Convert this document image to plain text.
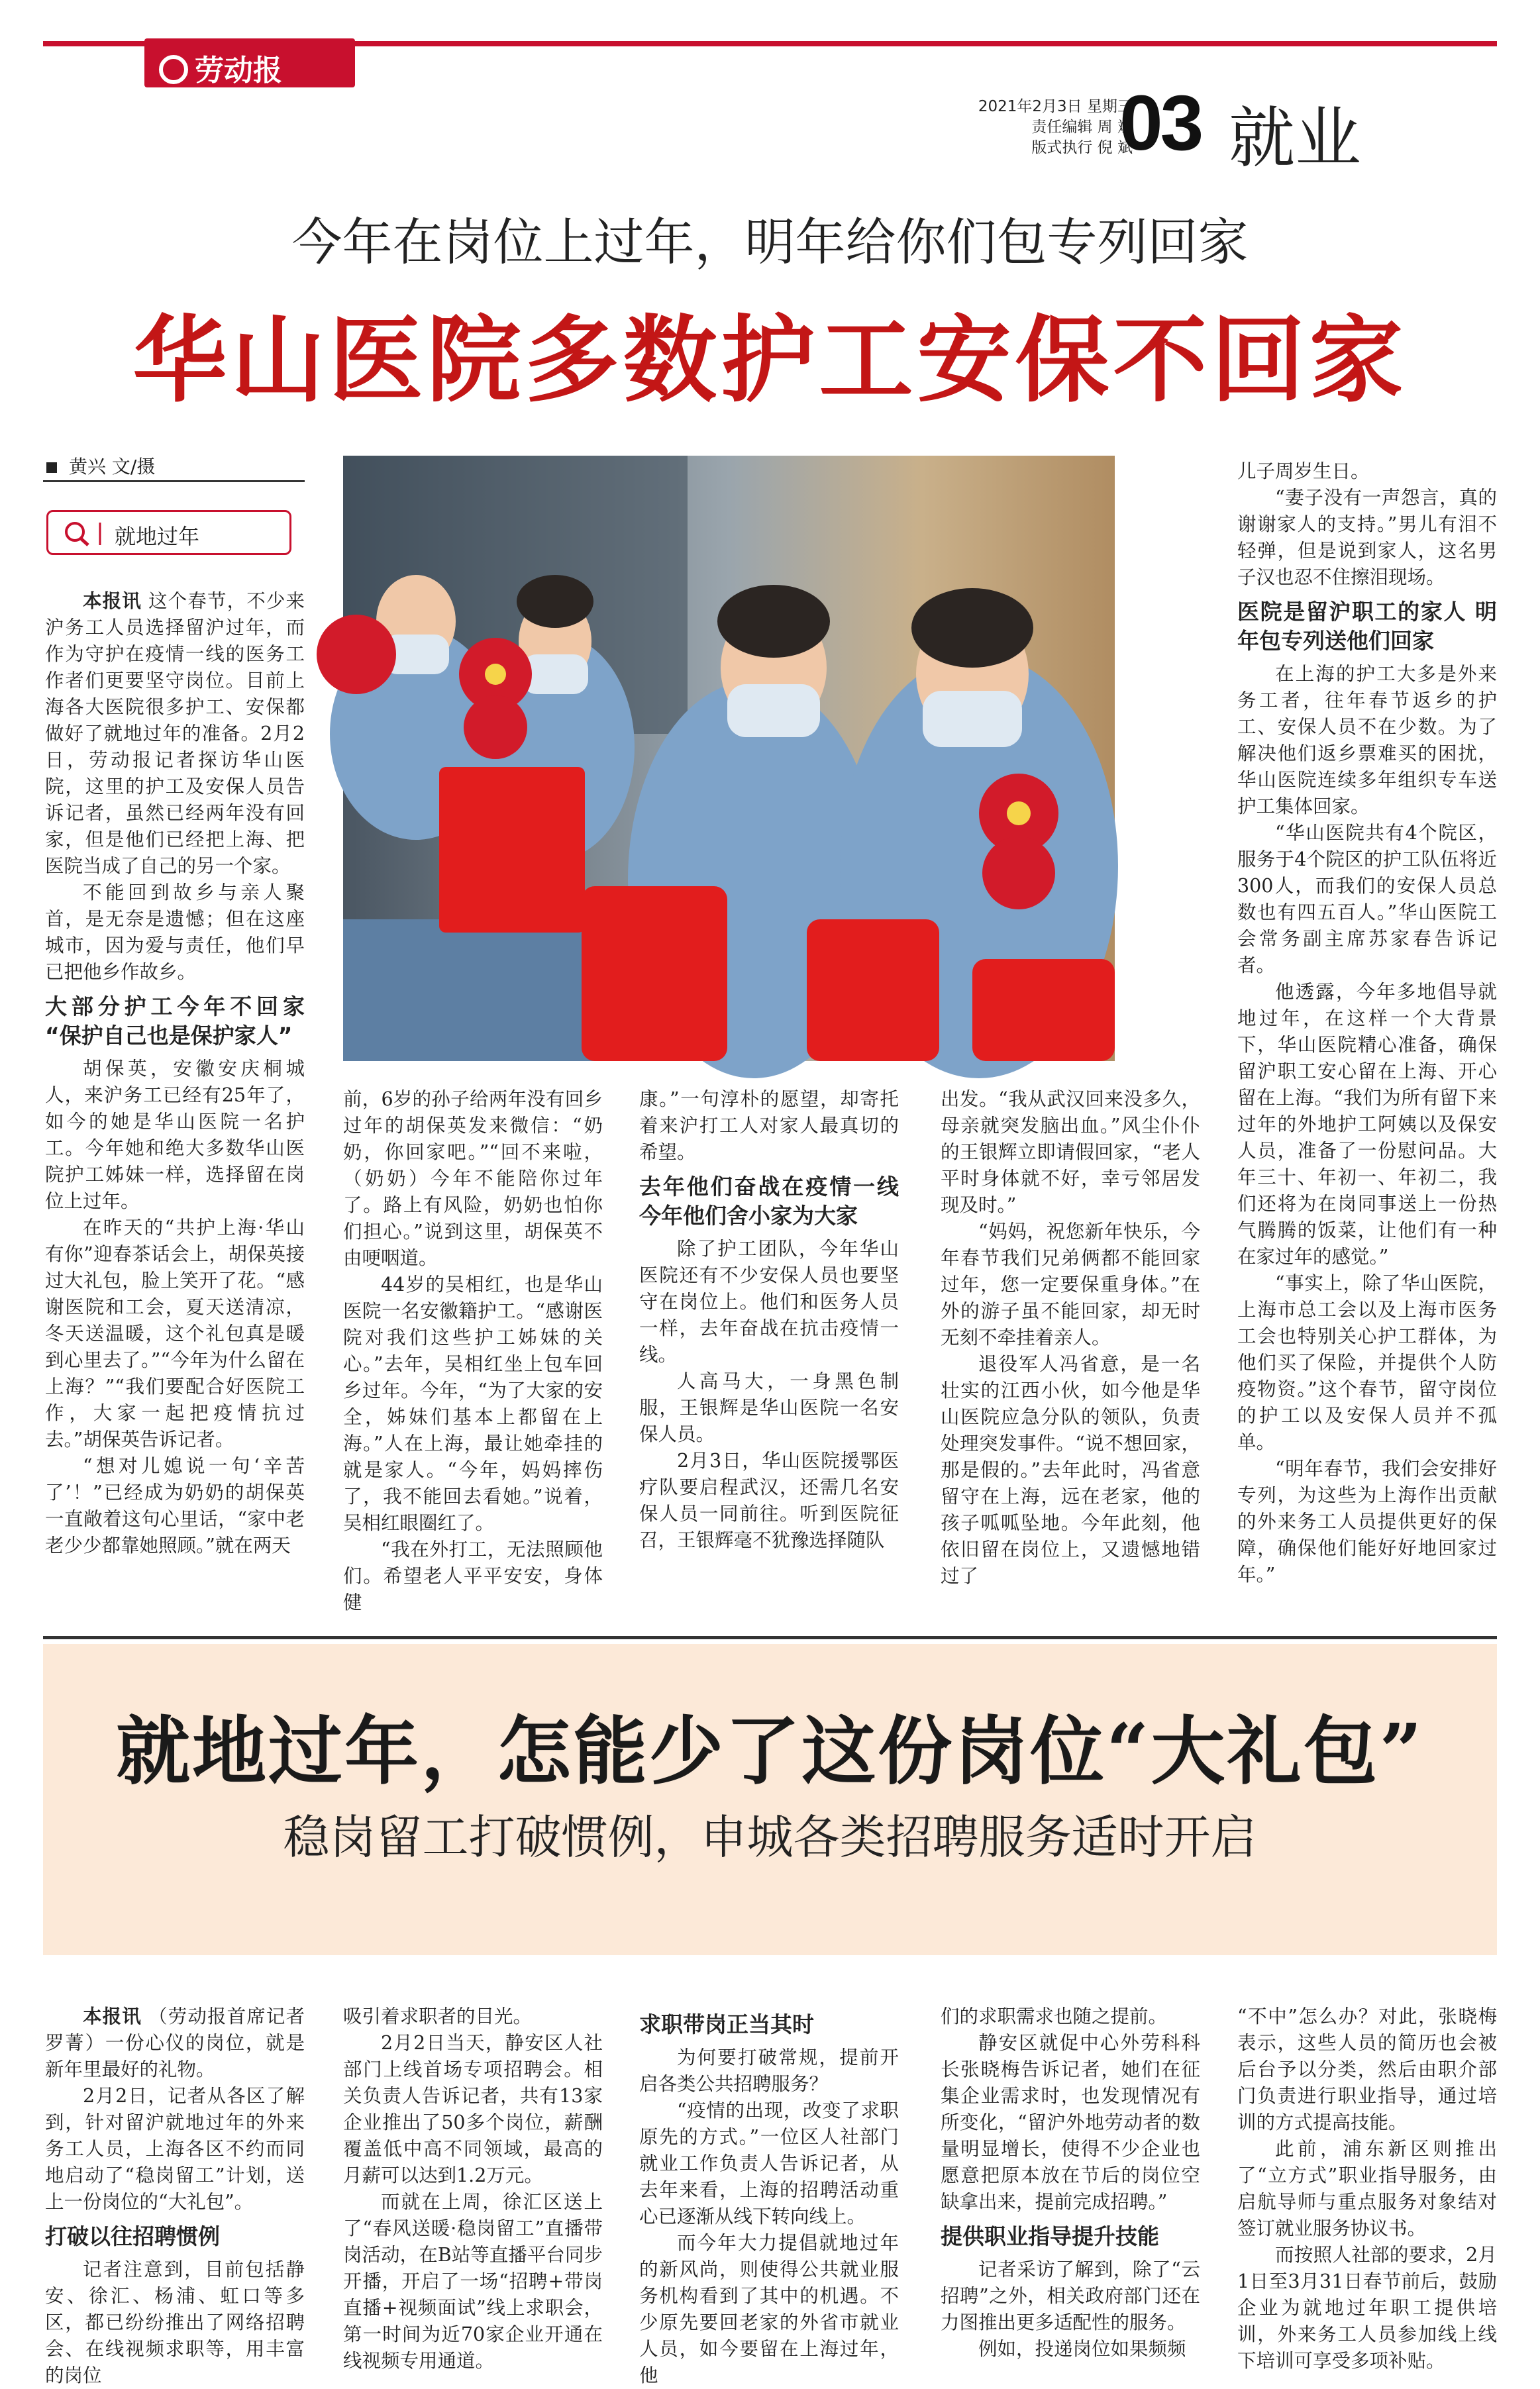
劳动报
2021年2月3日 星期三
责任编辑 周 斌
版式执行 倪 斌
03 就业
今年在岗位上过年，明年给你们包专列回家
华山医院多数护工安保不回家
黄兴 文/摄
就地过年

本报讯 这个春节，不少来沪务工人员选择留沪过年，而作为守护在疫情一线的医务工作者们更要坚守岗位。目前上海各大医院很多护工、安保都做好了就地过年的准备。2月2日，劳动报记者探访华山医院，这里的护工及安保人员告诉记者，虽然已经两年没有回家，但是他们已经把上海、把医院当成了自己的另一个家。

不能回到故乡与亲人聚首，是无奈是遗憾；但在这座城市，因为爱与责任，他们早已把他乡作故乡。

大部分护工今年不回家 “保护自己也是保护家人”

胡保英，安徽安庆桐城人，来沪务工已经有25年了，如今的她是华山医院一名护工。今年她和绝大多数华山医院护工姊妹一样，选择留在岗位上过年。

在昨天的“共护上海·华山有你”迎春茶话会上，胡保英接过大礼包，脸上笑开了花。“感谢医院和工会，夏天送清凉，冬天送温暖，这个礼包真是暖到心里去了。”“今年为什么留在上海？”“我们要配合好医院工作，大家一起把疫情抗过去。”胡保英告诉记者。

“想对儿媳说一句‘辛苦了’！”已经成为奶奶的胡保英一直敞着这句心里话，“家中老老少少都靠她照顾。”就在两天

前，6岁的孙子给两年没有回乡过年的胡保英发来微信：“奶奶，你回家吧。”“回不来啦，（奶奶）今年不能陪你过年了。路上有风险，奶奶也怕你们担心。”说到这里，胡保英不由哽咽道。

44岁的吴相红，也是华山医院一名安徽籍护工。“感谢医院对我们这些护工姊妹的关心。”去年，吴相红坐上包车回乡过年。今年，“为了大家的安全，姊妹们基本上都留在上海。”人在上海，最让她牵挂的就是家人。“今年，妈妈摔伤了，我不能回去看她。”说着，吴相红眼圈红了。

“我在外打工，无法照顾他们。希望老人平平安安，身体健

康。”一句淳朴的愿望，却寄托着来沪打工人对家人最真切的希望。

去年他们奋战在疫情一线 今年他们舍小家为大家

除了护工团队，今年华山医院还有不少安保人员也要坚守在岗位上。他们和医务人员一样，去年奋战在抗击疫情一线。

人高马大，一身黑色制服，王银辉是华山医院一名安保人员。

2月3日，华山医院援鄂医疗队要启程武汉，还需几名安保人员一同前往。听到医院征召，王银辉毫不犹豫选择随队

出发。“我从武汉回来没多久，母亲就突发脑出血。”风尘仆仆的王银辉立即请假回家，“老人平时身体就不好，幸亏邻居发现及时。”

“妈妈，祝您新年快乐，今年春节我们兄弟俩都不能回家过年，您一定要保重身体。”在外的游子虽不能回家，却无时无刻不牵挂着亲人。

退役军人冯省意，是一名壮实的江西小伙，如今他是华山医院应急分队的领队，负责处理突发事件。“说不想回家，那是假的。”去年此时，冯省意留守在上海，远在老家，他的孩子呱呱坠地。今年此刻，他依旧留在岗位上，又遗憾地错过了

儿子周岁生日。

“妻子没有一声怨言，真的谢谢家人的支持。”男儿有泪不轻弹，但是说到家人，这名男子汉也忍不住擦泪现场。

医院是留沪职工的家人 明年包专列送他们回家

在上海的护工大多是外来务工者，往年春节返乡的护工、安保人员不在少数。为了解决他们返乡票难买的困扰，华山医院连续多年组织专车送护工集体回家。

“华山医院共有4个院区，服务于4个院区的护工队伍将近300人，而我们的安保人员总数也有四五百人。”华山医院工会常务副主席苏家春告诉记者。

他透露，今年多地倡导就地过年，在这样一个大背景下，华山医院精心准备，确保留沪职工安心留在上海、开心留在上海。“我们为所有留下来过年的外地护工阿姨以及保安人员，准备了一份慰问品。大年三十、年初一、年初二，我们还将为在岗同事送上一份热气腾腾的饭菜，让他们有一种在家过年的感觉。”

“事实上，除了华山医院，上海市总工会以及上海市医务工会也特别关心护工群体，为他们买了保险，并提供个人防疫物资。”这个春节，留守岗位的护工以及安保人员并不孤单。

“明年春节，我们会安排好专列，为这些为上海作出贡献的外来务工人员提供更好的保障，确保他们能好好地回家过年。”

就地过年，怎能少了这份岗位“大礼包”
稳岗留工打破惯例，申城各类招聘服务适时开启

本报讯 （劳动报首席记者 罗菁）一份心仪的岗位，就是新年里最好的礼物。

2月2日，记者从各区了解到，针对留沪就地过年的外来务工人员，上海各区不约而同地启动了“稳岗留工”计划，送上一份岗位的“大礼包”。

打破以往招聘惯例

记者注意到，目前包括静安、徐汇、杨浦、虹口等多区，都已纷纷推出了网络招聘会、在线视频求职等，用丰富的岗位

吸引着求职者的目光。

2月2日当天，静安区人社部门上线首场专项招聘会。相关负责人告诉记者，共有13家企业推出了50多个岗位，薪酬覆盖低中高不同领域，最高的月薪可以达到1.2万元。

而就在上周，徐汇区送上了“春风送暖·稳岗留工”直播带岗活动，在B站等直播平台同步开播，开启了一场“招聘+带岗直播+视频面试”线上求职会，第一时间为近70家企业开通在线视频专用通道。

求职带岗正当其时

为何要打破常规，提前开启各类公共招聘服务？

“疫情的出现，改变了求职原先的方式。”一位区人社部门就业工作负责人告诉记者，从去年来看，上海的招聘活动重心已逐渐从线下转向线上。

而今年大力提倡就地过年的新风尚，则使得公共就业服务机构看到了其中的机遇。不少原先要回老家的外省市就业人员，如今要留在上海过年，他

们的求职需求也随之提前。

静安区就促中心外劳科科长张晓梅告诉记者，她们在征集企业需求时，也发现情况有所变化，“留沪外地劳动者的数量明显增长，使得不少企业也愿意把原本放在节后的岗位空缺拿出来，提前完成招聘。”

提供职业指导提升技能

记者采访了解到，除了“云招聘”之外，相关政府部门还在力图推出更多适配性的服务。

例如，投递岗位如果频频

“不中”怎么办？对此，张晓梅表示，这些人员的简历也会被后台予以分类，然后由职介部门负责进行职业指导，通过培训的方式提高技能。

此前，浦东新区则推出了“立方式”职业指导服务，由启航导师与重点服务对象结对签订就业服务协议书。

而按照人社部的要求，2月1日至3月31日春节前后，鼓励企业为就地过年职工提供培训，外来务工人员参加线上线下培训可享受多项补贴。
